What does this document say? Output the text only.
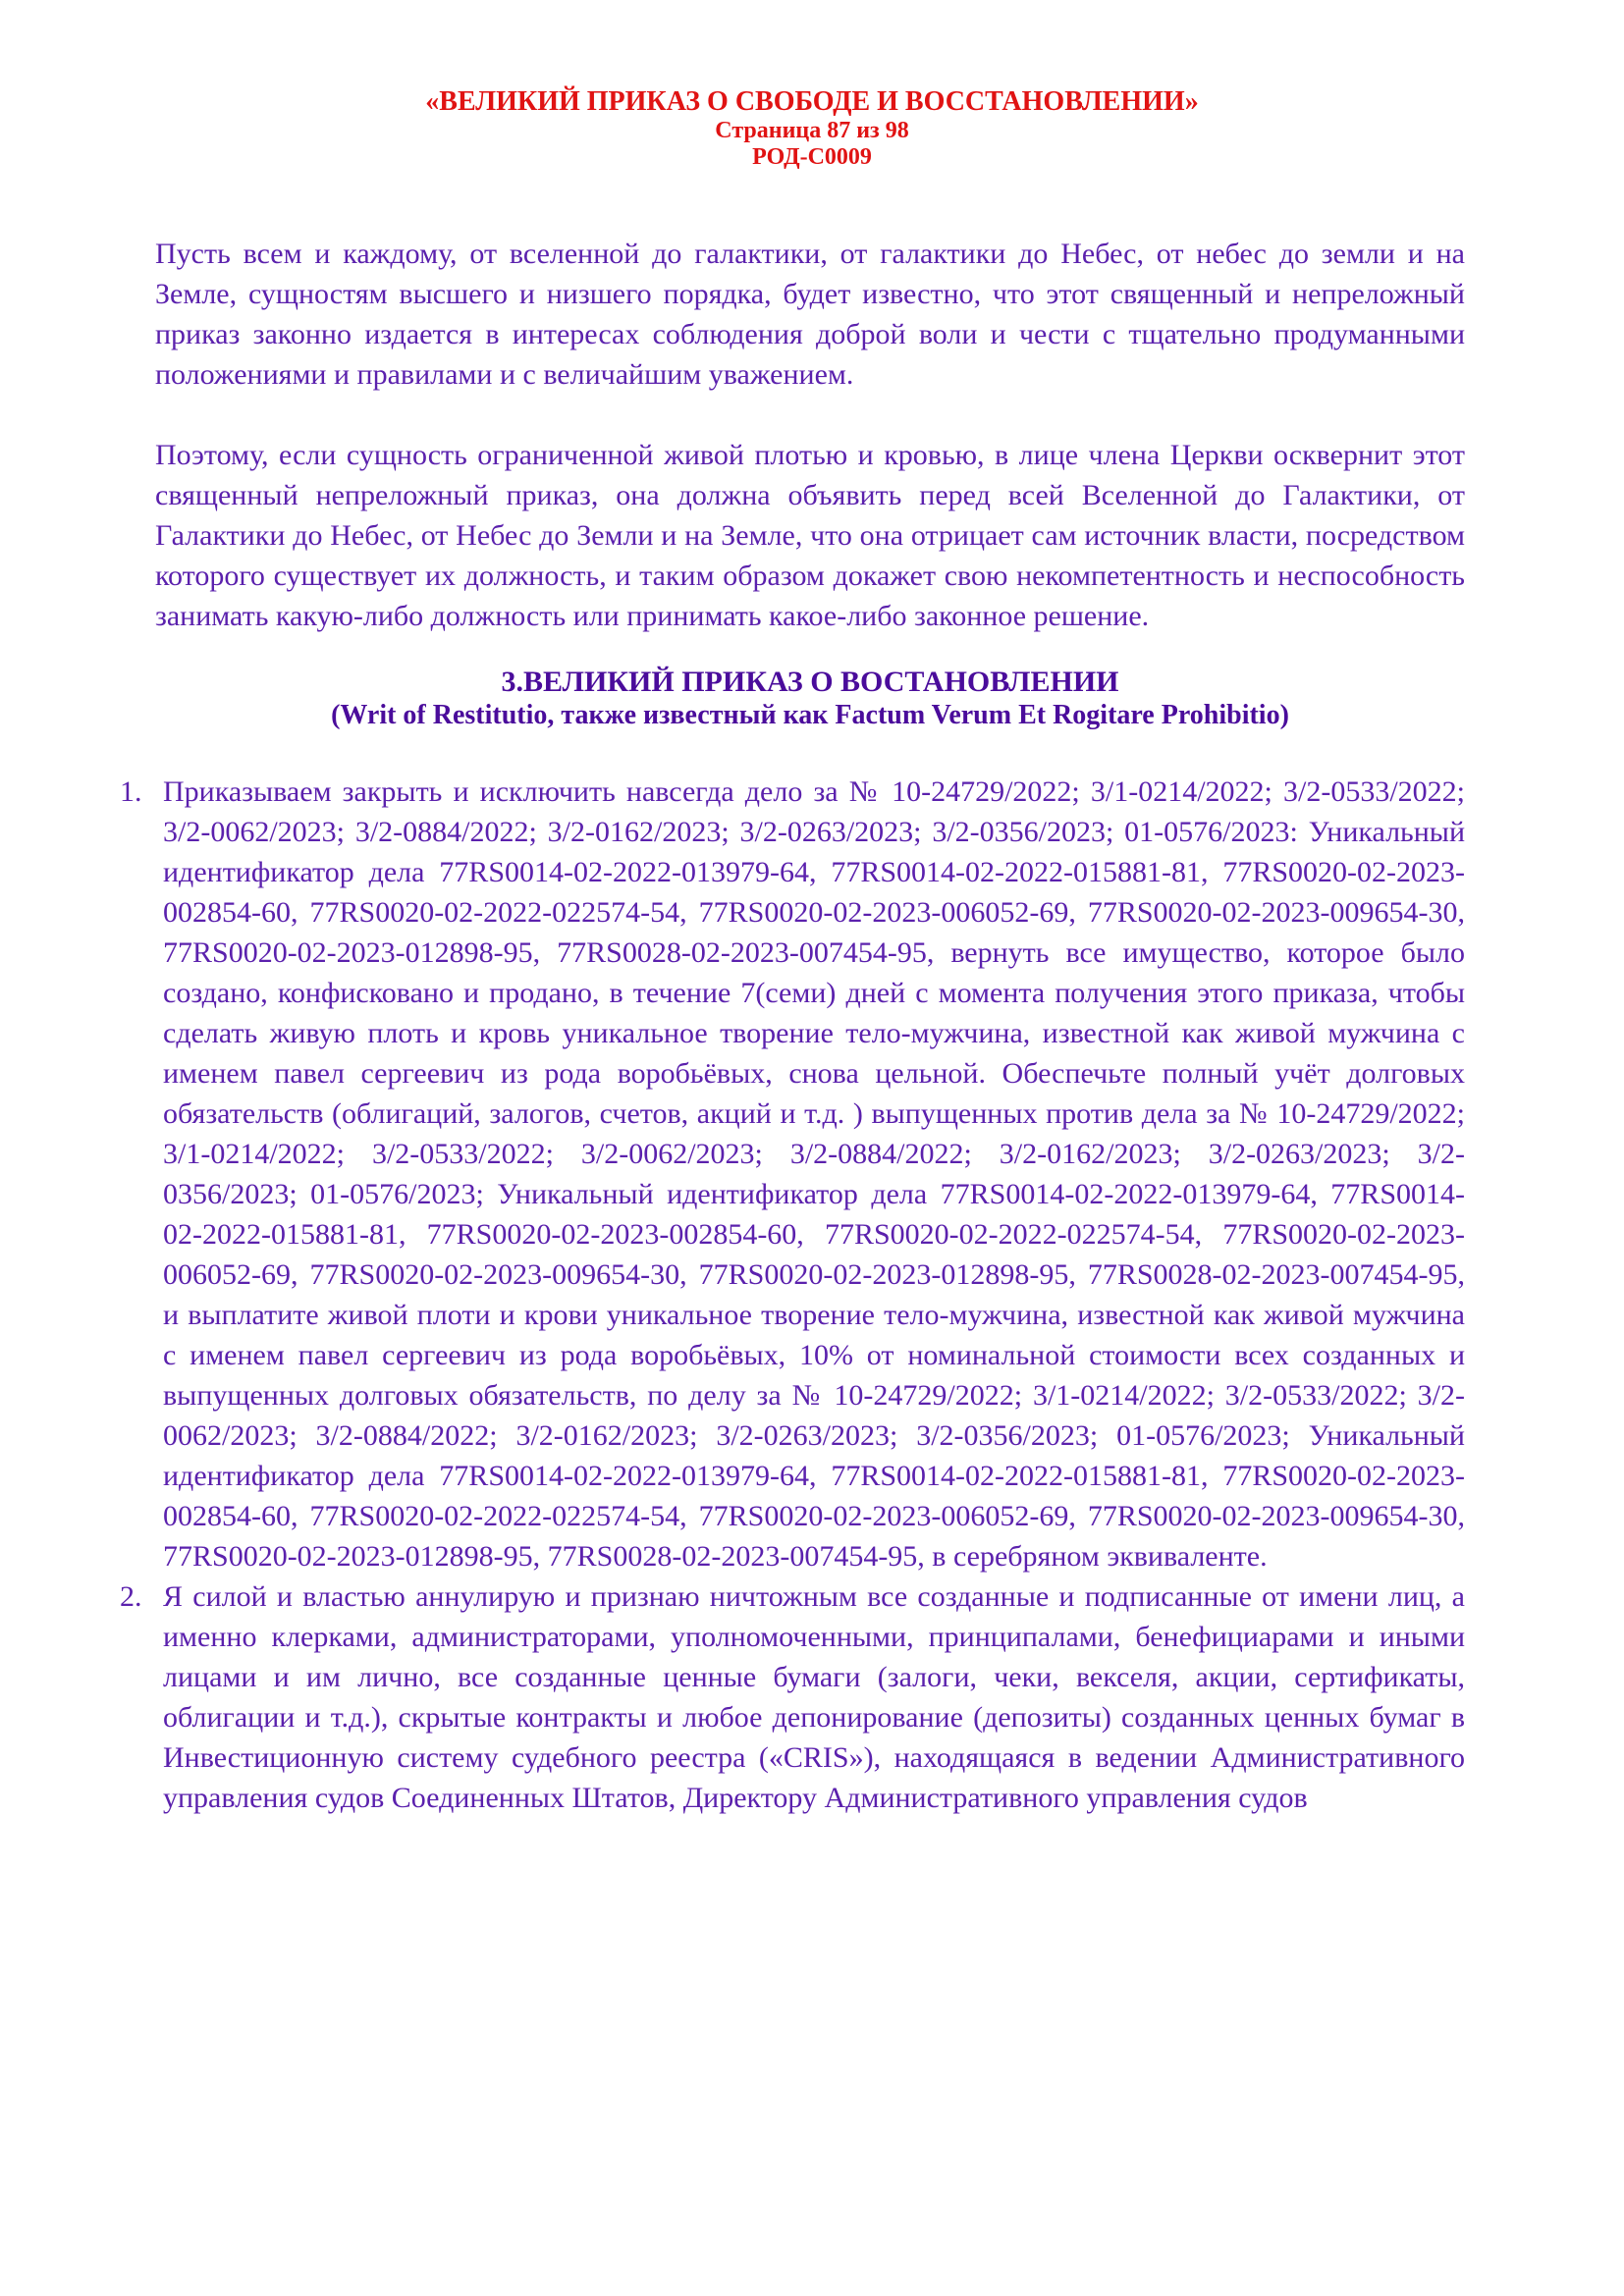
«ВЕЛИКИЙ ПРИКАЗ О СВОБОДЕ И ВОССТАНОВЛЕНИИ»
Страница 87 из 98
РОД-С0009

Пусть всем и каждому, от вселенной до галактики, от галактики до Небес, от небес до земли и на Земле, сущностям высшего и низшего порядка, будет известно, что этот священный и непреложный приказ законно издается в интересах соблюдения доброй воли и чести с тщательно продуманными положениями и правилами и с величайшим уважением.

Поэтому, если сущность ограниченной живой плотью и кровью, в лице члена Церкви осквернит этот священный непреложный приказ, она должна объявить перед всей Вселенной до Галактики, от Галактики до Небес, от Небес до Земли и на Земле, что она отрицает сам источник власти, посредством которого существует их должность, и таким образом докажет свою некомпетентность и неспособность занимать какую-либо должность или принимать какое-либо законное решение.

3.ВЕЛИКИЙ ПРИКАЗ О ВОСТАНОВЛЕНИИ
(Writ of Restitutio, также известный как Factum Verum Et Rogitare Prohibitio)
1. Приказываем закрыть и исключить навсегда дело за № 10-24729/2022; 3/1-0214/2022; 3/2-0533/2022; 3/2-0062/2023; 3/2-0884/2022; 3/2-0162/2023; 3/2-0263/2023; 3/2-0356/2023; 01-0576/2023: Уникальный идентификатор дела 77RS0014-02-2022-013979-64, 77RS0014-02-2022-015881-81, 77RS0020-02-2023-002854-60, 77RS0020-02-2022-022574-54, 77RS0020-02-2023-006052-69, 77RS0020-02-2023-009654-30, 77RS0020-02-2023-012898-95, 77RS0028-02-2023-007454-95, вернуть все имущество, которое было создано, конфисковано и продано, в течение 7(семи) дней с момента получения этого приказа, чтобы сделать живую плоть и кровь уникальное творение тело-мужчина, известной как живой мужчина с именем павел сергеевич из рода воробьёвых, снова цельной. Обеспечьте полный учёт долговых обязательств (облигаций, залогов, счетов, акций и т.д. ) выпущенных против дела за № 10-24729/2022; 3/1-0214/2022; 3/2-0533/2022; 3/2-0062/2023; 3/2-0884/2022; 3/2-0162/2023; 3/2-0263/2023; 3/2-0356/2023; 01-0576/2023; Уникальный идентификатор дела 77RS0014-02-2022-013979-64, 77RS0014-02-2022-015881-81, 77RS0020-02-2023-002854-60, 77RS0020-02-2022-022574-54, 77RS0020-02-2023-006052-69, 77RS0020-02-2023-009654-30, 77RS0020-02-2023-012898-95, 77RS0028-02-2023-007454-95, и выплатите живой плоти и крови уникальное творение тело-мужчина, известной как живой мужчина с именем павел сергеевич из рода воробьёвых, 10% от номинальной стоимости всех созданных и выпущенных долговых обязательств, по делу за № 10-24729/2022; 3/1-0214/2022; 3/2-0533/2022; 3/2-0062/2023; 3/2-0884/2022; 3/2-0162/2023; 3/2-0263/2023; 3/2-0356/2023; 01-0576/2023; Уникальный идентификатор дела 77RS0014-02-2022-013979-64, 77RS0014-02-2022-015881-81, 77RS0020-02-2023-002854-60, 77RS0020-02-2022-022574-54, 77RS0020-02-2023-006052-69, 77RS0020-02-2023-009654-30, 77RS0020-02-2023-012898-95, 77RS0028-02-2023-007454-95, в серебряном эквиваленте.
2. Я силой и властью аннулирую и признаю ничтожным все созданные и подписанные от имени лиц, а именно клерками, администраторами, уполномоченными, принципалами, бенефициарами и иными лицами и им лично, все созданные ценные бумаги (залоги, чеки, векселя, акции, сертификаты, облигации и т.д.), скрытые контракты и любое депонирование (депозиты) созданных ценных бумаг в Инвестиционную систему судебного реестра («CRIS»), находящаяся в ведении Административного управления судов Соединенных Штатов, Директору Административного управления судов
